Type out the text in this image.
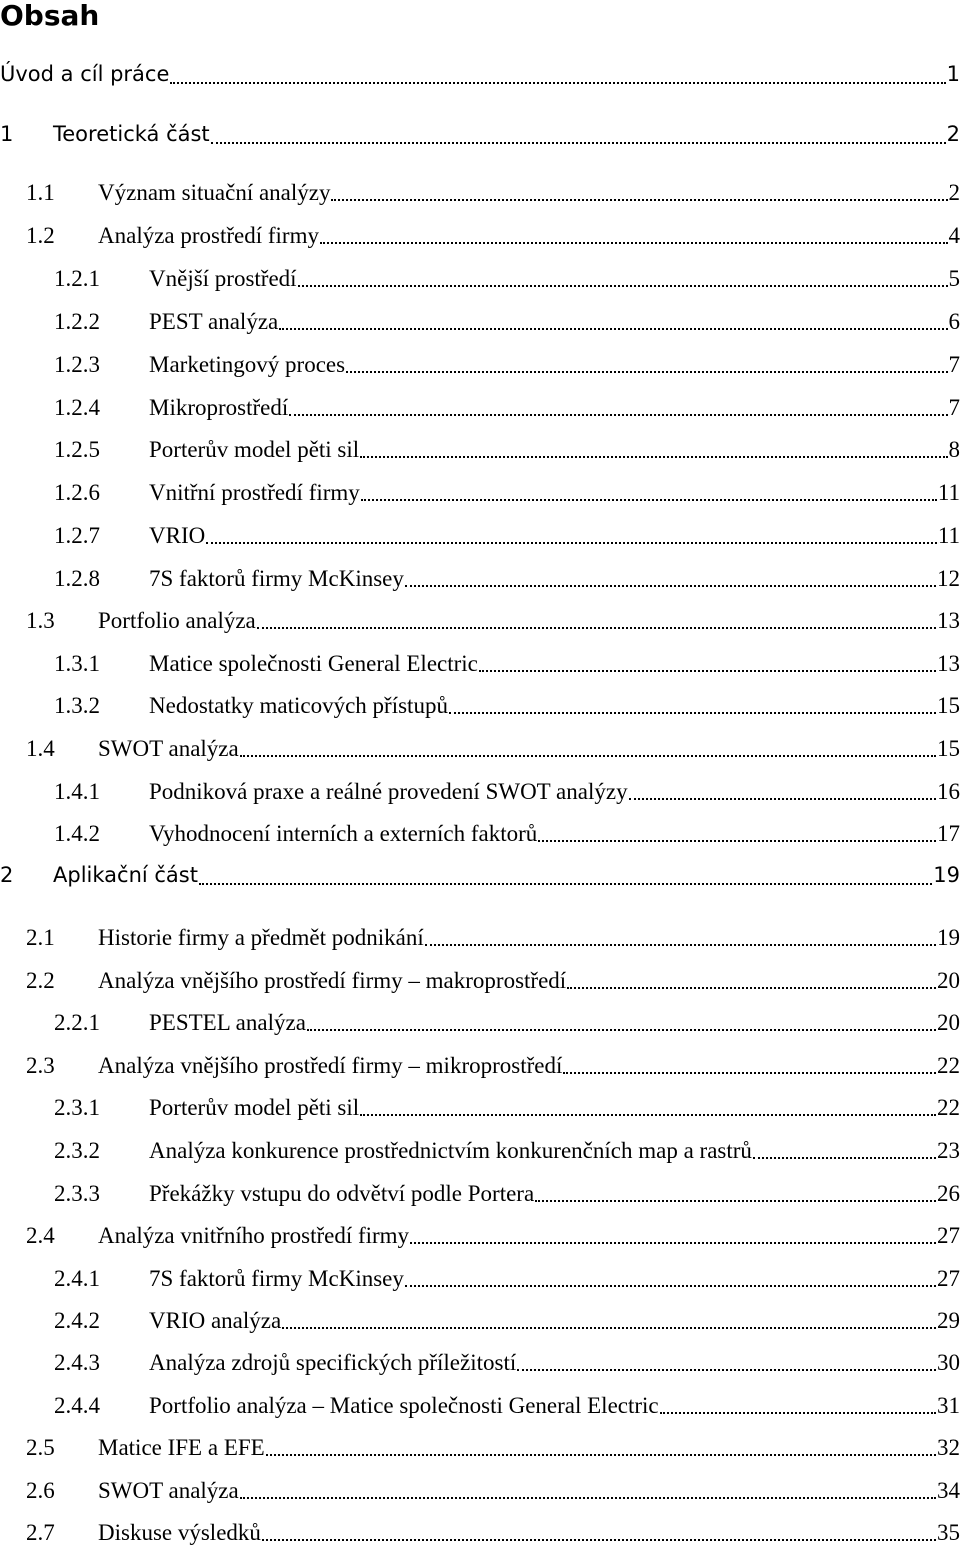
Obsah
Úvod a cíl práce	1
1	Teoretická část	2
1.1	Význam situační analýzy	2
1.2	Analýza prostředí firmy	4
1.2.1	Vnější prostředí	5
1.2.2	PEST analýza	6
1.2.3	Marketingový proces	7
1.2.4	Mikroprostředí	7
1.2.5	Porterův model pěti sil	8
1.2.6	Vnitřní prostředí firmy	11
1.2.7	VRIO	11
1.2.8	7S faktorů firmy McKinsey	12
1.3	Portfolio analýza	13
1.3.1	Matice společnosti General Electric	13
1.3.2	Nedostatky maticových přístupů	15
1.4	SWOT analýza	15
1.4.1	Podniková praxe a reálné provedení SWOT analýzy	16
1.4.2	Vyhodnocení interních a externích faktorů	17
2	Aplikační část	19
2.1	Historie firmy a předmět podnikání	19
2.2	Analýza vnějšího prostředí firmy – makroprostředí	20
2.2.1	PESTEL analýza	20
2.3	Analýza vnějšího prostředí firmy – mikroprostředí	22
2.3.1	Porterův model pěti sil	22
2.3.2	Analýza konkurence prostřednictvím konkurenčních map a rastrů	23
2.3.3	Překážky vstupu do odvětví podle Portera	26
2.4	Analýza vnitřního prostředí firmy	27
2.4.1	7S faktorů firmy McKinsey	27
2.4.2	VRIO analýza	29
2.4.3	Analýza zdrojů specifických příležitostí	30
2.4.4	Portfolio analýza – Matice společnosti General Electric	31
2.5	Matice IFE a EFE	32
2.6	SWOT analýza	34
2.7	Diskuse výsledků	35
